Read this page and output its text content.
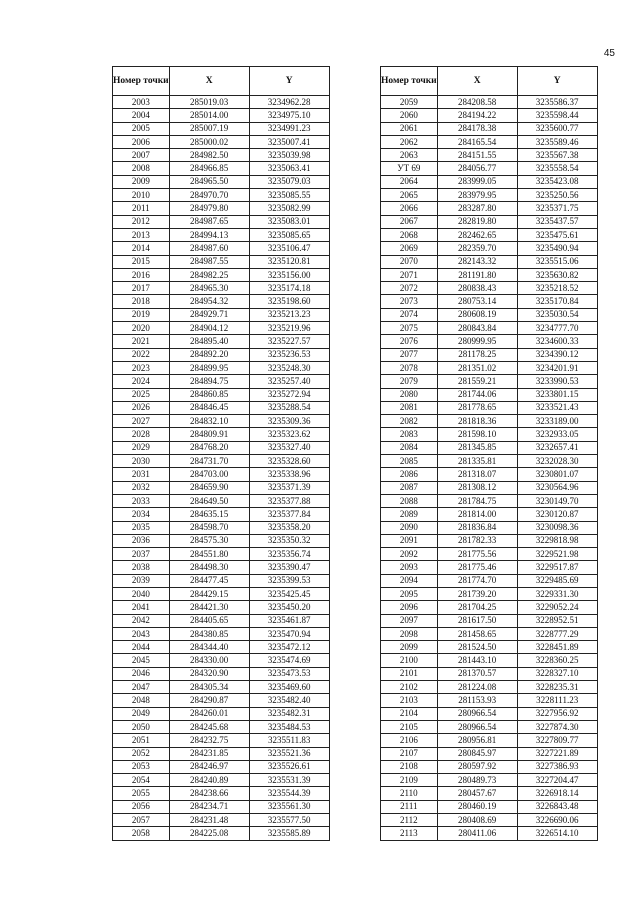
45
Номер точки	X	Y
2003	285019.03	3234962.28
2004	285014.00	3234975.10
2005	285007.19	3234991.23
2006	285000.02	3235007.41
2007	284982.50	3235039.98
2008	284966.85	3235063.41
2009	284965.50	3235079.03
2010	284970.70	3235085.55
2011	284979.80	3235082.99
2012	284987.65	3235083.01
2013	284994.13	3235085.65
2014	284987.60	3235106.47
2015	284987.55	3235120.81
2016	284982.25	3235156.00
2017	284965.30	3235174.18
2018	284954.32	3235198.60
2019	284929.71	3235213.23
2020	284904.12	3235219.96
2021	284895.40	3235227.57
2022	284892.20	3235236.53
2023	284899.95	3235248.30
2024	284894.75	3235257.40
2025	284860.85	3235272.94
2026	284846.45	3235288.54
2027	284832.10	3235309.36
2028	284809.91	3235323.62
2029	284768.20	3235327.40
2030	284731.70	3235328.60
2031	284703.00	3235338.96
2032	284659.90	3235371.39
2033	284649.50	3235377.88
2034	284635.15	3235377.84
2035	284598.70	3235358.20
2036	284575.30	3235350.32
2037	284551.80	3235356.74
2038	284498.30	3235390.47
2039	284477.45	3235399.53
2040	284429.15	3235425.45
2041	284421.30	3235450.20
2042	284405.65	3235461.87
2043	284380.85	3235470.94
2044	284344.40	3235472.12
2045	284330.00	3235474.69
2046	284320.90	3235473.53
2047	284305.34	3235469.60
2048	284290.87	3235482.40
2049	284260.01	3235482.31
2050	284245.68	3235484.53
2051	284232.75	3235511.83
2052	284231.85	3235521.36
2053	284246.97	3235526.61
2054	284240.89	3235531.39
2055	284238.66	3235544.39
2056	284234.71	3235561.30
2057	284231.48	3235577.50
2058	284225.08	3235585.89
Номер точки	X	Y
2059	284208.58	3235586.37
2060	284194.22	3235598.44
2061	284178.38	3235600.77
2062	284165.54	3235589.46
2063	284151.55	3235567.38
УТ 69	284056.77	3235558.54
2064	283999.05	3235423.08
2065	283979.95	3235250.56
2066	283287.80	3235371.75
2067	282819.80	3235437.57
2068	282462.65	3235475.61
2069	282359.70	3235490.94
2070	282143.32	3235515.06
2071	281191.80	3235630.82
2072	280838.43	3235218.52
2073	280753.14	3235170.84
2074	280608.19	3235030.54
2075	280843.84	3234777.70
2076	280999.95	3234600.33
2077	281178.25	3234390.12
2078	281351.02	3234201.91
2079	281559.21	3233990.53
2080	281744.06	3233801.15
2081	281778.65	3233521.43
2082	281818.36	3233189.00
2083	281598.10	3232933.05
2084	281345.85	3232657.41
2085	281335.81	3232028.30
2086	281318.07	3230801.07
2087	281308.12	3230564.96
2088	281784.75	3230149.70
2089	281814.00	3230120.87
2090	281836.84	3230098.36
2091	281782.33	3229818.98
2092	281775.56	3229521.98
2093	281775.46	3229517.87
2094	281774.70	3229485.69
2095	281739.20	3229331.30
2096	281704.25	3229052.24
2097	281617.50	3228952.51
2098	281458.65	3228777.29
2099	281524.50	3228451.89
2100	281443.10	3228360.25
2101	281370.57	3228327.10
2102	281224.08	3228235.31
2103	281153.93	3228111.23
2104	280966.54	3227956.92
2105	280966.54	3227874.30
2106	280956.81	3227809.77
2107	280845.97	3227221.89
2108	280597.92	3227386.93
2109	280489.73	3227204.47
2110	280457.67	3226918.14
2111	280460.19	3226843.48
2112	280408.69	3226690.06
2113	280411.06	3226514.10
